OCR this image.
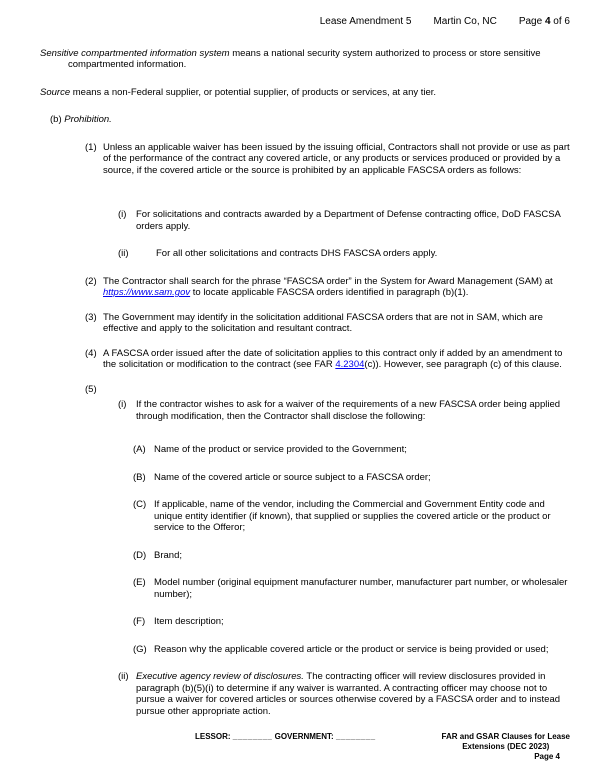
Lease Amendment 5 Martin Co, NC Page 4 of 6
Sensitive compartmented information system means a national security system authorized to process or store sensitive compartmented information.
Source means a non-Federal supplier, or potential supplier, of products or services, at any tier.
(b) Prohibition.
(1) Unless an applicable waiver has been issued by the issuing official, Contractors shall not provide or use as part of the performance of the contract any covered article, or any products or services produced or provided by a source, if the covered article or the source is prohibited by an applicable FASCSA orders as follows:
(i)	For solicitations and contracts awarded by a Department of Defense contracting office, DoD FASCSA orders apply.
(ii)	For all other solicitations and contracts DHS FASCSA orders apply.
(2) The Contractor shall search for the phrase “FASCSA order” in the System for Award Management (SAM) at https://www.sam.gov to locate applicable FASCSA orders identified in paragraph (b)(1).
(3) The Government may identify in the solicitation additional FASCSA orders that are not in SAM, which are effective and apply to the solicitation and resultant contract.
(4) A FASCSA order issued after the date of solicitation applies to this contract only if added by an amendment to the solicitation or modification to the contract (see FAR 4.2304(c)). However, see paragraph (c) of this clause.
(5)
(i)	If the contractor wishes to ask for a waiver of the requirements of a new FASCSA order being applied through modification, then the Contractor shall disclose the following:
(A) Name of the product or service provided to the Government;
(B) Name of the covered article or source subject to a FASCSA order;
(C) If applicable, name of the vendor, including the Commercial and Government Entity code and unique entity identifier (if known), that supplied or supplies the covered article or the product or service to the Offeror;
(D) Brand;
(E) Model number (original equipment manufacturer number, manufacturer part number, or wholesaler number);
(F) Item description;
(G) Reason why the applicable covered article or the product or service is being provided or used;
(ii) Executive agency review of disclosures. The contracting officer will review disclosures provided in paragraph (b)(5)(i) to determine if any waiver is warranted. A contracting officer may choose not to pursue a waiver for covered articles or sources otherwise covered by a FASCSA order and to instead pursue other appropriate action.
LESSOR: ________ GOVERNMENT: ________	FAR and GSAR Clauses for Lease
Extensions (DEC 2023)
Page 4
